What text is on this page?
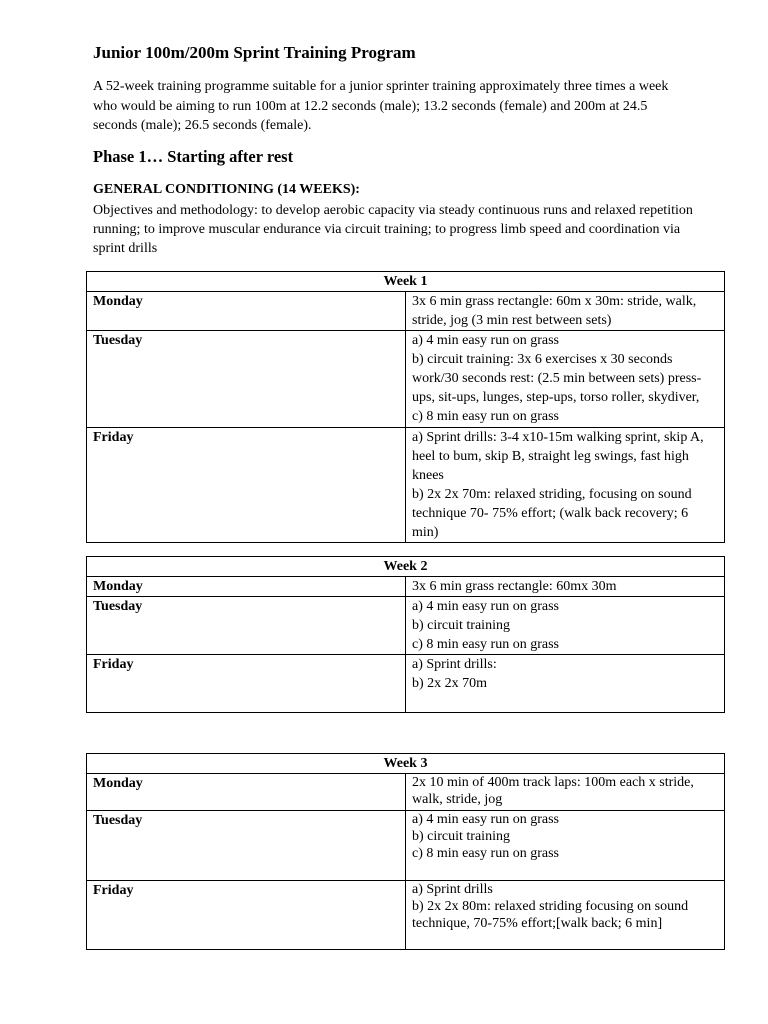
Junior 100m/200m Sprint Training Program

A 52-week training programme suitable for a junior sprinter training approximately three times a week who would be aiming to run 100m at 12.2 seconds (male); 13.2 seconds (female) and 200m at 24.5 seconds (male); 26.5 seconds (female).

Phase 1… Starting after rest
GENERAL CONDITIONING (14 WEEKS):

Objectives and methodology: to develop aerobic capacity via steady continuous runs and relaxed repetition running; to improve muscular endurance via circuit training; to progress limb speed and coordination via sprint drills

Week 1	
Monday	3x 6 min grass rectangle: 60m x 30m: stride, walk, stride, jog (3 min rest between sets)

Tuesday	a) 4 min easy run on grass
b) circuit training: 3x 6 exercises x 30 seconds work/30 seconds rest: (2.5 min between sets) press-ups, sit-ups, lunges, step-ups, torso roller, skydiver,
c) 8 min easy run on grass

Friday	a) Sprint drills: 3-4 x10-15m walking sprint, skip A, heel to bum, skip B, straight leg swings, fast high knees
b) 2x 2x 70m: relaxed striding, focusing on sound technique 70- 75% effort; (walk back recovery; 6 min)
Week 2	
Monday	3x 6 min grass rectangle: 60mx 30m

Tuesday	a) 4 min easy run on grass
b) circuit training
c) 8 min easy run on grass

Friday	a) Sprint drills:
b) 2x 2x 70m
Week 3	
Monday	2x 10 min of 400m track laps: 100m each x stride, walk, stride, jog

Tuesday	a) 4 min easy run on grass
b) circuit training
c) 8 min easy run on grass

Friday	a) Sprint drills
b) 2x 2x 80m: relaxed striding focusing on sound technique, 70-75% effort;[walk back; 6 min]
